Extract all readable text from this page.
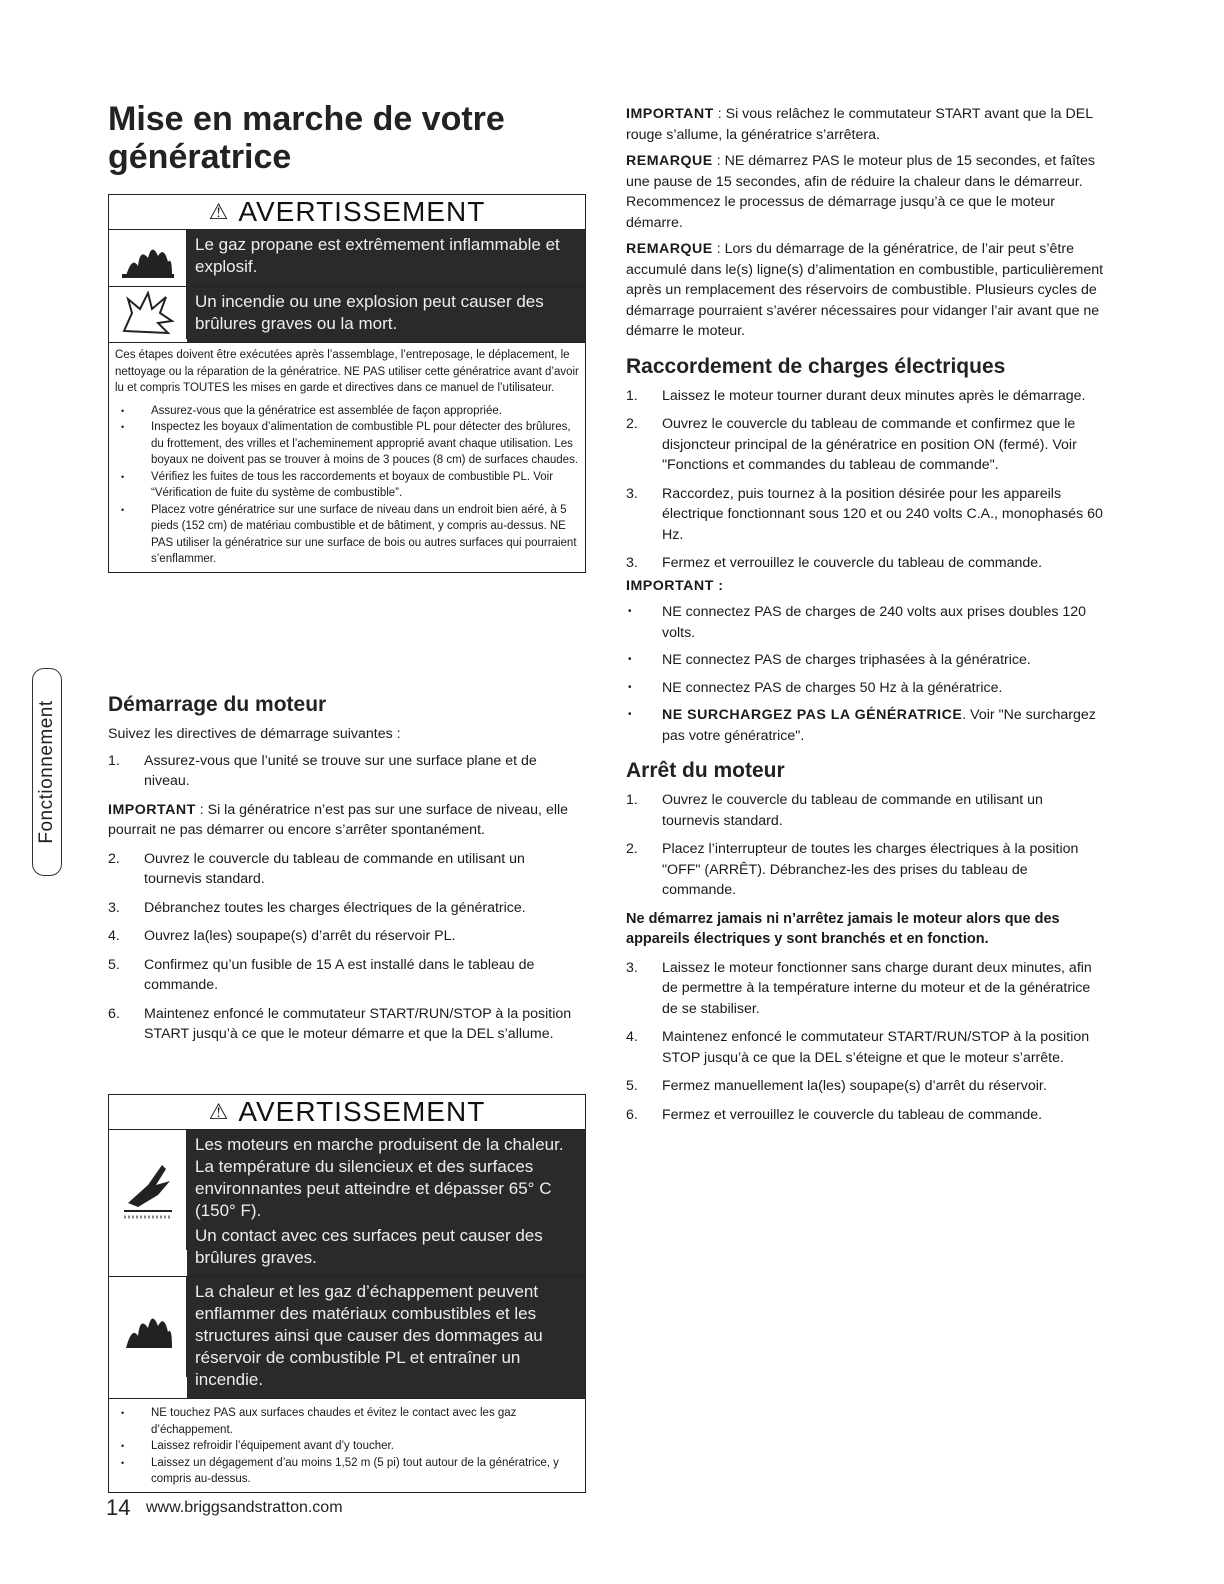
Fonctionnement
Mise en marche de votre génératrice
⚠ AVERTISSEMENT

Le gaz propane est extrêmement inflammable et explosif.

Un incendie ou une explosion peut causer des brûlures graves ou la mort.

Ces étapes doivent être exécutées après l’assemblage, l’entreposage, le déplacement, le nettoyage ou la réparation de la génératrice. NE PAS utiliser cette génératrice avant d’avoir lu et compris TOUTES les mises en garde et directives dans ce manuel de l’utilisateur.

• Assurez-vous que la génératrice est assemblée de façon appropriée.
• Inspectez les boyaux d’alimentation de combustible PL pour détecter des brûlures, du frottement, des vrilles et l’acheminement approprié avant chaque utilisation. Les boyaux ne doivent pas se trouver à moins de 3 pouces (8 cm) de surfaces chaudes.
• Vérifiez les fuites de tous les raccordements et boyaux de combustible PL. Voir “Vérification de fuite du système de combustible”.
• Placez votre génératrice sur une surface de niveau dans un endroit bien aéré, à 5 pieds (152 cm) de matériau combustible et de bâtiment, y compris au-dessus. NE PAS utiliser la génératrice sur une surface de bois ou autres surfaces qui pourraient s’enflammer.
Démarrage du moteur

Suivez les directives de démarrage suivantes :

1. Assurez-vous que l’unité se trouve sur une surface plane et de niveau.

IMPORTANT : Si la génératrice n’est pas sur une surface de niveau, elle pourrait ne pas démarrer ou encore s’arrêter spontanément.

2. Ouvrez le couvercle du tableau de commande en utilisant un tournevis standard.
3. Débranchez toutes les charges électriques de la génératrice.
4. Ouvrez la(les) soupape(s) d’arrêt du réservoir PL.
5. Confirmez qu’un fusible de 15 A est installé dans le tableau de commande.
6. Maintenez enfoncé le commutateur START/RUN/STOP à la position START jusqu’à ce que le moteur démarre et que la DEL s’allume.
⚠ AVERTISSEMENT

Les moteurs en marche produisent de la chaleur. La température du silencieux et des surfaces environnantes peut atteindre et dépasser 65° C (150° F).

Un contact avec ces surfaces peut causer des brûlures graves.

La chaleur et les gaz d’échappement peuvent enflammer des matériaux combustibles et les structures ainsi que causer des dommages au réservoir de combustible PL et entraîner un incendie.

• NE touchez PAS aux surfaces chaudes et évitez le contact avec les gaz d’échappement.
• Laissez refroidir l’équipement avant d’y toucher.
• Laissez un dégagement d’au moins 1,52 m (5 pi) tout autour de la génératrice, y compris au-dessus.

IMPORTANT : Si vous relâchez le commutateur START avant que la DEL rouge s’allume, la génératrice s’arrêtera.

REMARQUE : NE démarrez PAS le moteur plus de 15 secondes, et faîtes une pause de 15 secondes, afin de réduire la chaleur dans le démarreur. Recommencez le processus de démarrage jusqu’à ce que le moteur démarre.

REMARQUE : Lors du démarrage de la génératrice, de l’air peut s’être accumulé dans le(s) ligne(s) d’alimentation en combustible, particulièrement après un remplacement des réservoirs de combustible. Plusieurs cycles de démarrage pourraient s’avérer nécessaires pour vidanger l’air avant que ne démarre le moteur.

Raccordement de charges électriques
1. Laissez le moteur tourner durant deux minutes après le démarrage.
2. Ouvrez le couvercle du tableau de commande et confirmez que le disjoncteur principal de la génératrice en position ON (fermé). Voir "Fonctions et commandes du tableau de commande".
3. Raccordez, puis tournez à la position désirée pour les appareils électrique fonctionnant sous 120 et ou 240 volts C.A., monophasés 60 Hz.
3. Fermez et verrouillez le couvercle du tableau de commande.

IMPORTANT :

• NE connectez PAS de charges de 240 volts aux prises doubles 120 volts.
• NE connectez PAS de charges triphasées à la génératrice.
• NE connectez PAS de charges 50 Hz à la génératrice.
• NE SURCHARGEZ PAS LA GÉNÉRATRICE. Voir "Ne surchargez pas votre génératrice".
Arrêt du moteur
1. Ouvrez le couvercle du tableau de commande en utilisant un tournevis standard.
2. Placez l’interrupteur de toutes les charges électriques à la position "OFF" (ARRÊT). Débranchez-les des prises du tableau de commande.

Ne démarrez jamais ni n’arrêtez jamais le moteur alors que des appareils électriques y sont branchés et en fonction.

3. Laissez le moteur fonctionner sans charge durant deux minutes, afin de permettre à la température interne du moteur et de la génératrice de se stabiliser.
4. Maintenez enfoncé le commutateur START/RUN/STOP à la position STOP jusqu’à ce que la DEL s’éteigne et que le moteur s’arrête.
5. Fermez manuellement la(les) soupape(s) d’arrêt du réservoir.
6. Fermez et verrouillez le couvercle du tableau de commande.
14 www.briggsandstratton.com
